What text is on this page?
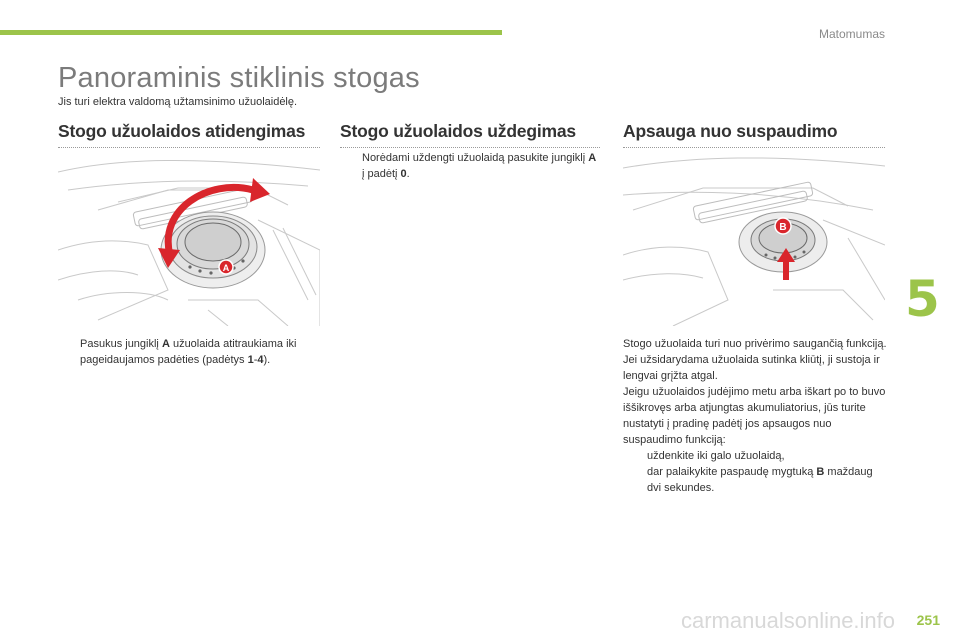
Matomumas
5
Panoraminis stiklinis stogas
Jis turi elektra valdomą užtamsinimo užuolaidėlę.
Stogo užuolaidos atidengimas	Stogo užuolaidos uždegimas	Apsauga nuo suspaudimo
A
B
Pasukus jungiklį A užuolaida atitraukiama iki pageidaujamos padėties (padėtys 1-4).
Norėdami uždengti užuolaidą pasukite jungiklį A į padėtį 0.

Stogo užuolaida turi nuo privėrimo saugančią funkciją.

Jei užsidarydama užuolaida sutinka kliūtį, ji sustoja ir lengvai grįžta atgal.

Jeigu užuolaidos judėjimo metu arba iškart po to buvo iššikrovęs arba atjungtas akumuliatorius, jūs turite nustatyti į pradinę padėtį jos apsaugos nuo suspaudimo funkciją:

uždenkite iki galo užuolaidą,

dar palaikykite paspaudę mygtuką B maždaug dvi sekundes.

carmanualsonline.info 251
